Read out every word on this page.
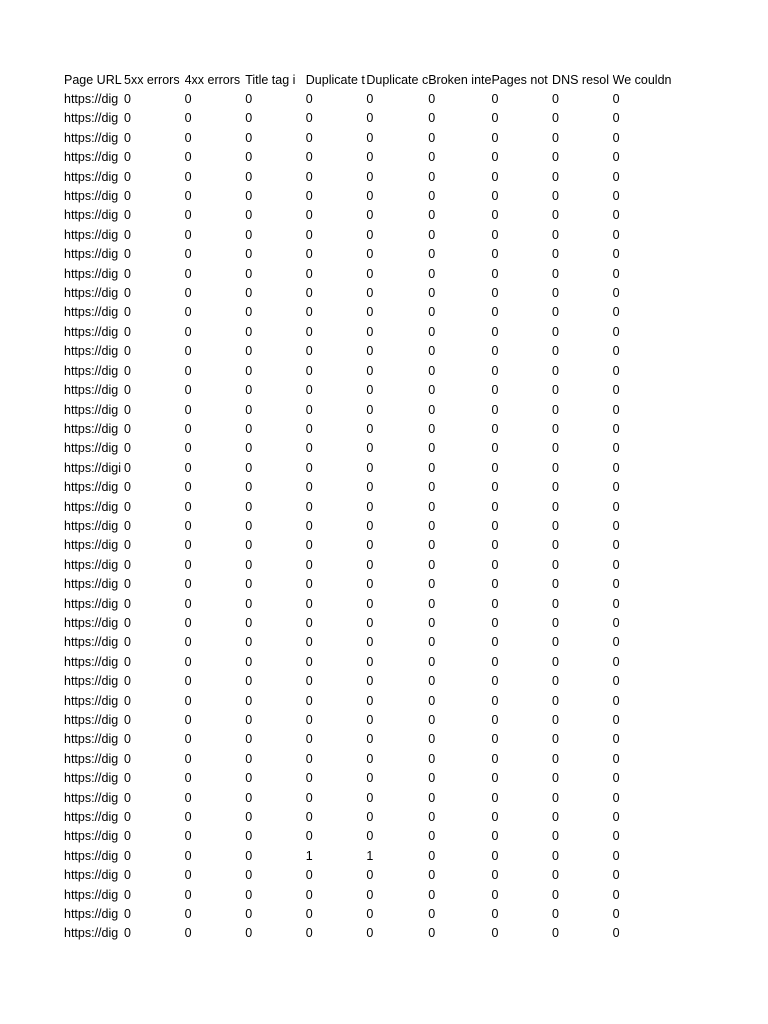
Page URL	5xx errors	4xx errors	Title tag i	Duplicate t	Duplicate c	Broken inte	Pages not	DNS resol	We couldn
https://dig	0	0	0	0	0	0	0	0	0
https://dig	0	0	0	0	0	0	0	0	0
https://dig	0	0	0	0	0	0	0	0	0
https://dig	0	0	0	0	0	0	0	0	0
https://dig	0	0	0	0	0	0	0	0	0
https://dig	0	0	0	0	0	0	0	0	0
https://dig	0	0	0	0	0	0	0	0	0
https://dig	0	0	0	0	0	0	0	0	0
https://dig	0	0	0	0	0	0	0	0	0
https://dig	0	0	0	0	0	0	0	0	0
https://dig	0	0	0	0	0	0	0	0	0
https://dig	0	0	0	0	0	0	0	0	0
https://dig	0	0	0	0	0	0	0	0	0
https://dig	0	0	0	0	0	0	0	0	0
https://dig	0	0	0	0	0	0	0	0	0
https://dig	0	0	0	0	0	0	0	0	0
https://dig	0	0	0	0	0	0	0	0	0
https://dig	0	0	0	0	0	0	0	0	0
https://dig	0	0	0	0	0	0	0	0	0
https://digi	0	0	0	0	0	0	0	0	0
https://dig	0	0	0	0	0	0	0	0	0
https://dig	0	0	0	0	0	0	0	0	0
https://dig	0	0	0	0	0	0	0	0	0
https://dig	0	0	0	0	0	0	0	0	0
https://dig	0	0	0	0	0	0	0	0	0
https://dig	0	0	0	0	0	0	0	0	0
https://dig	0	0	0	0	0	0	0	0	0
https://dig	0	0	0	0	0	0	0	0	0
https://dig	0	0	0	0	0	0	0	0	0
https://dig	0	0	0	0	0	0	0	0	0
https://dig	0	0	0	0	0	0	0	0	0
https://dig	0	0	0	0	0	0	0	0	0
https://dig	0	0	0	0	0	0	0	0	0
https://dig	0	0	0	0	0	0	0	0	0
https://dig	0	0	0	0	0	0	0	0	0
https://dig	0	0	0	0	0	0	0	0	0
https://dig	0	0	0	0	0	0	0	0	0
https://dig	0	0	0	0	0	0	0	0	0
https://dig	0	0	0	0	0	0	0	0	0
https://dig	0	0	0	1	1	0	0	0	0
https://dig	0	0	0	0	0	0	0	0	0
https://dig	0	0	0	0	0	0	0	0	0
https://dig	0	0	0	0	0	0	0	0	0
https://dig	0	0	0	0	0	0	0	0	0
